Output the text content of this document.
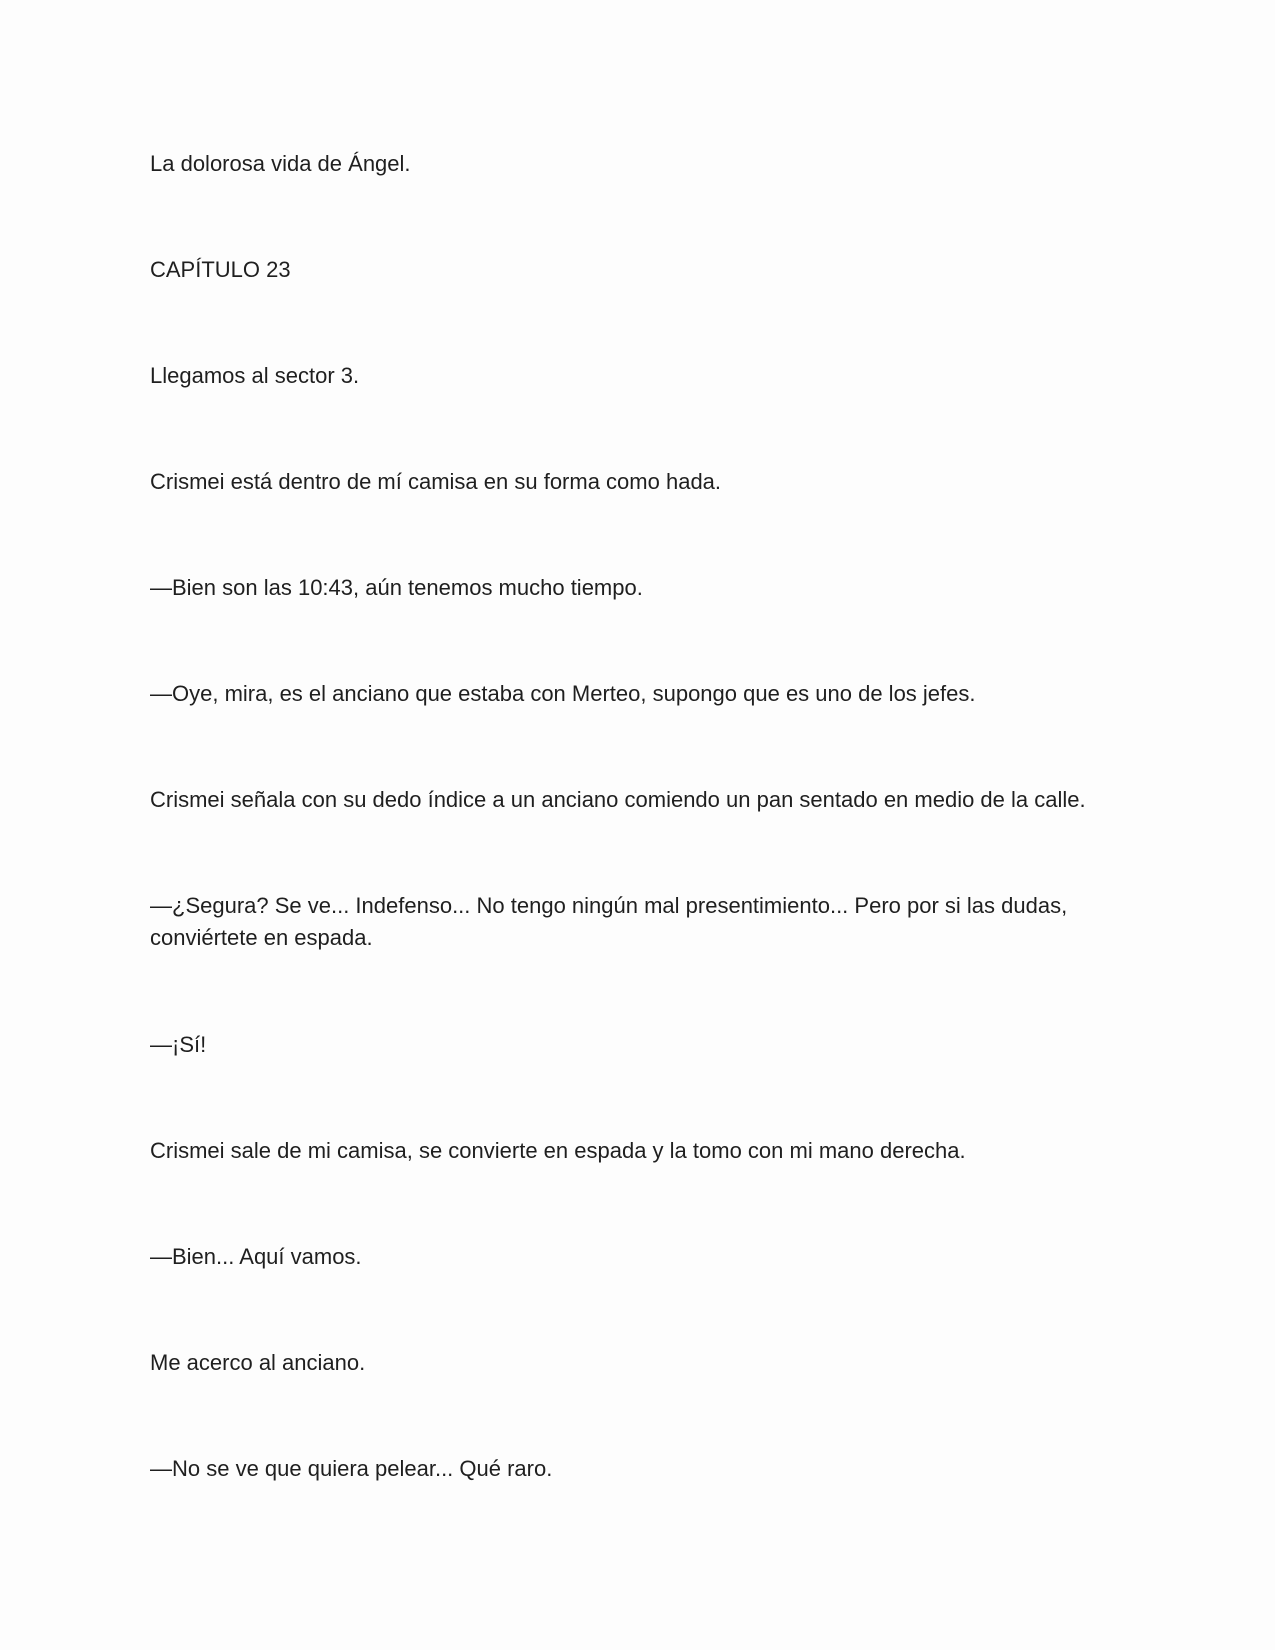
La dolorosa vida de Ángel.

CAPÍTULO 23

Llegamos al sector 3.

Crismei está dentro de mí camisa en su forma como hada.

—Bien son las 10:43, aún tenemos mucho tiempo.

—Oye, mira, es el anciano que estaba con Merteo, supongo que es uno de los jefes.

Crismei señala con su dedo índice a un anciano comiendo un pan sentado en medio de la calle.

—¿Segura? Se ve... Indefenso... No tengo ningún mal presentimiento... Pero por si las dudas, conviértete en espada.

—¡Sí!

Crismei sale de mi camisa, se convierte en espada y la tomo con mi mano derecha.

—Bien... Aquí vamos.

Me acerco al anciano.

—No se ve que quiera pelear... Qué raro.
